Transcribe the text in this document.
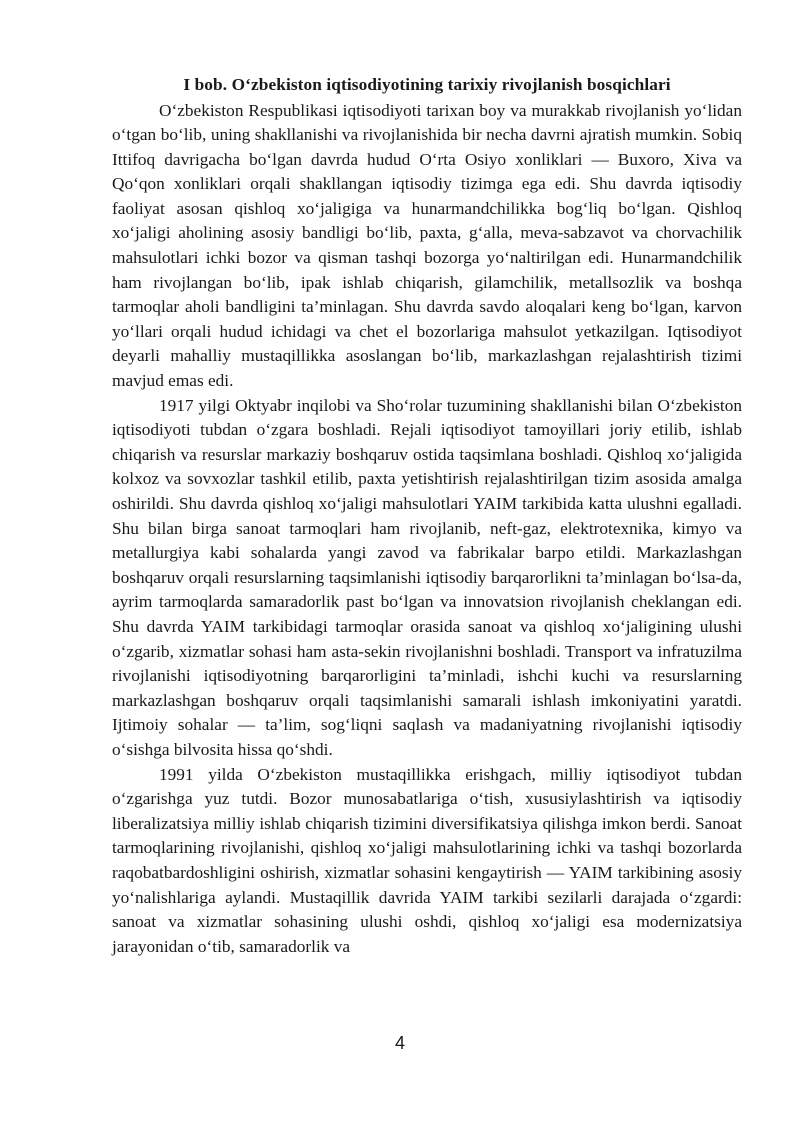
I bob. O‘zbekiston iqtisodiyotining tarixiy rivojlanish bosqichlari

O‘zbekiston Respublikasi iqtisodiyoti tarixan boy va murakkab rivojlanish yo‘lidan o‘tgan bo‘lib, uning shakllanishi va rivojlanishida bir necha davrni ajratish mumkin. Sobiq Ittifoq davrigacha bo‘lgan davrda hudud O‘rta Osiyo xonliklari — Buxoro, Xiva va Qo‘qon xonliklari orqali shakllangan iqtisodiy tizimga ega edi. Shu davrda iqtisodiy faoliyat asosan qishloq xo‘jaligiga va hunarmandchilikka bog‘liq bo‘lgan. Qishloq xo‘jaligi aholining asosiy bandligi bo‘lib, paxta, g‘alla, meva-sabzavot va chorvachilik mahsulotlari ichki bozor va qisman tashqi bozorga yo‘naltirilgan edi. Hunarmandchilik ham rivojlangan bo‘lib, ipak ishlab chiqarish, gilamchilik, metallsozlik va boshqa tarmoqlar aholi bandligini ta’minlagan. Shu davrda savdo aloqalari keng bo‘lgan, karvon yo‘llari orqali hudud ichidagi va chet el bozorlariga mahsulot yetkazilgan. Iqtisodiyot deyarli mahalliy mustaqillikka asoslangan bo‘lib, markazlashgan rejalashtirish tizimi mavjud emas edi.

1917 yilgi Oktyabr inqilobi va Sho‘rolar tuzumining shakllanishi bilan O‘zbekiston iqtisodiyoti tubdan o‘zgara boshladi. Rejali iqtisodiyot tamoyillari joriy etilib, ishlab chiqarish va resurslar markaziy boshqaruv ostida taqsimlana boshladi. Qishloq xo‘jaligida kolxoz va sovxozlar tashkil etilib, paxta yetishtirish rejalashtirilgan tizim asosida amalga oshirildi. Shu davrda qishloq xo‘jaligi mahsulotlari YAIM tarkibida katta ulushni egalladi. Shu bilan birga sanoat tarmoqlari ham rivojlanib, neft-gaz, elektrotexnika, kimyo va metallurgiya kabi sohalarda yangi zavod va fabrikalar barpo etildi. Markazlashgan boshqaruv orqali resurslarning taqsimlanishi iqtisodiy barqarorlikni ta’minlagan bo‘lsa-da, ayrim tarmoqlarda samaradorlik past bo‘lgan va innovatsion rivojlanish cheklangan edi. Shu davrda YAIM tarkibidagi tarmoqlar orasida sanoat va qishloq xo‘jaligining ulushi o‘zgarib, xizmatlar sohasi ham asta-sekin rivojlanishni boshladi. Transport va infratuzilma rivojlanishi iqtisodiyotning barqarorligini ta’minladi, ishchi kuchi va resurslarning markazlashgan boshqaruv orqali taqsimlanishi samarali ishlash imkoniyatini yaratdi. Ijtimoiy sohalar — ta’lim, sog‘liqni saqlash va madaniyatning rivojlanishi iqtisodiy o‘sishga bilvosita hissa qo‘shdi.

1991 yilda O‘zbekiston mustaqillikka erishgach, milliy iqtisodiyot tubdan o‘zgarishga yuz tutdi. Bozor munosabatlariga o‘tish, xususiylashtirish va iqtisodiy liberalizatsiya milliy ishlab chiqarish tizimini diversifikatsiya qilishga imkon berdi. Sanoat tarmoqlarining rivojlanishi, qishloq xo‘jaligi mahsulotlarining ichki va tashqi bozorlarda raqobatbardoshligini oshirish, xizmatlar sohasini kengaytirish — YAIM tarkibining asosiy yo‘nalishlariga aylandi. Mustaqillik davrida YAIM tarkibi sezilarli darajada o‘zgardi: sanoat va xizmatlar sohasining ulushi oshdi, qishloq xo‘jaligi esa modernizatsiya jarayonidan o‘tib, samaradorlik va

4
